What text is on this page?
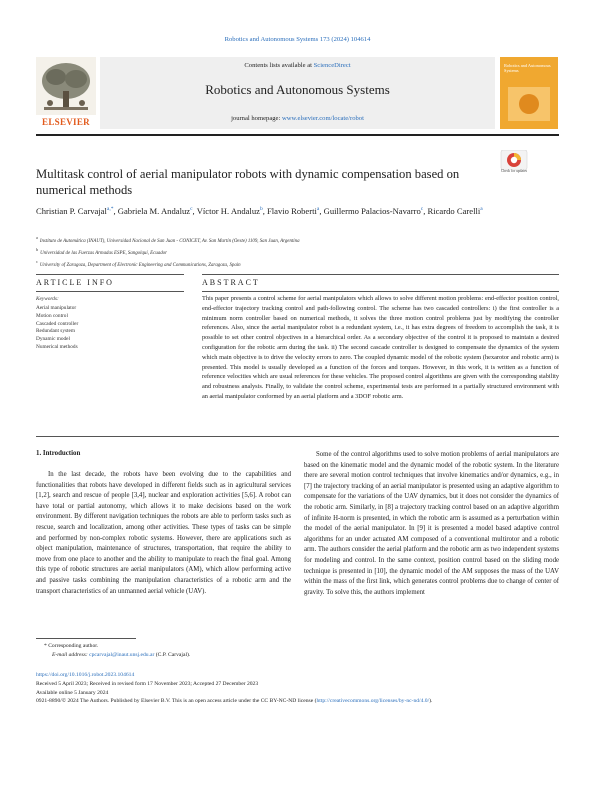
Robotics and Autonomous Systems 173 (2024) 104614
Contents lists available at ScienceDirect
Robotics and Autonomous Systems
journal homepage: www.elsevier.com/locate/robot
ELSEVIER
Robotics and Autonomous Systems
Multitask control of aerial manipulator robots with dynamic compensation based on numerical methods
Check for updates
Christian P. Carvajal$^{a,*}$, Gabriela M. Andaluz$^c$, Víctor H. Andaluz$^b$, Flavio Roberti$^a$, Guillermo Palacios-Navarro$^c$, Ricardo Carelli$^a$
aInstituto de Automática (INAUT), Universidad Nacional de San Juan - CONICET, Av. San Martín (Oeste) 1109, San Juan, Argentina
bUniversidad de las Fuerzas Armadas ESPE, Sangolquí, Ecuador
cUniversity of Zaragoza, Department of Electronic Engineering and Communications, Zaragoza, Spain
ARTICLE INFO	ABSTRACT
Keywords:
Aerial manipulator
Motion control
Cascaded controller
Redundant system
Dynamic model
Numerical methods
This paper presents a control scheme for aerial manipulators which allows to solve different motion problems: end-effector position control, end-effector trajectory tracking control and path-following control. The scheme has two cascaded controllers: i) the first controller is a minimum norm controller based on numerical methods, it solves the three motion control problems just by modifying the controller references. Also, since the aerial manipulator robot is a redundant system, i.e., it has extra degrees of freedom to accomplish the task, it is possible to set other control objectives in a hierarchical order. As a secondary objective of the control it is proposed to maintain a desired configuration for the robotic arm during the task. ii) The second cascade controller is designed to compensate the dynamics of the system which main objective is to drive the velocity errors to zero. The coupled dynamic model of the robotic system (hexarotor and robotic arm) is presented. This model is usually developed as a function of the forces and torques. However, in this work, it is written as a function of reference velocities which are usual references for these vehicles. The proposed control algorithms are given with the corresponding stability and robustness analysis. Finally, to validate the control scheme, experimental tests are performed in a partially structured environment with an aerial manipulator conformed by an aerial platform and a 3DOF robotic arm.
1. Introduction

In the last decade, the robots have been evolving due to the capabilities and functionalities that robots have developed in different fields such as in agricultural services [1,2], search and rescue of people [3,4], nuclear and exploration activities [5,6]. A robot can have total or partial autonomy, which allows it to make decisions based on the work environment. By different navigation techniques the robots are able to perform tasks such as rescue, search and localization, among other activities. These types of tasks can be simple and performed by non-complex robotic systems. However, there are applications such as object manipulation, maintenance of structures, transportation, that require the ability to move from one place to another and the ability to manipulate to reach the final goal. Among this type of robotic structures are aerial manipulators (AM), which allow performing active and passive tasks combining the manipulation characteristics of a robotic arm and the transport characteristics of an unmanned aerial vehicle (UAV).

Some of the control algorithms used to solve motion problems of aerial manipulators are based on the kinematic model and the dynamic model of the robotic system. In the literature there are several motion control techniques that involve kinematics and/or dynamics, e.g., in [7] the trajectory tracking of an aerial manipulator is presented using an adaptive algorithm to compensate for the variations of the UAV dynamics, but it does not consider the dynamics of the robotic arm. Similarly, in [8] a trajectory tracking control based on an adaptive algorithm of infinite H-norm is presented, in which the robotic arm is assumed as a perturbation within the model of the aerial manipulator. In [9] it is presented a model based adaptive control algorithms for an under actuated AM composed of a conventional multirotor and a robotic arm. The authors consider the aerial platform and the robotic arm as two independent systems for modeling and control. In the same context, position control based on the sliding mode technique is presented in [10], the dynamic model of the AM supposes the mass of the UAV within the mass of the first link, which generates control problems due to change of center of gravity. To solve this, the authors implement

* Corresponding author.
E-mail address: cpcarvajal@inaut.unsj.edu.ar (C.P. Carvajal).
https://doi.org/10.1016/j.robot.2023.104614
Received 5 April 2023; Received in revised form 17 November 2023; Accepted 27 December 2023
Available online 5 January 2024
0921-8890/© 2024 The Authors. Published by Elsevier B.V. This is an open access article under the CC BY-NC-ND license (http://creativecommons.org/licenses/by-nc-nd/4.0/).
